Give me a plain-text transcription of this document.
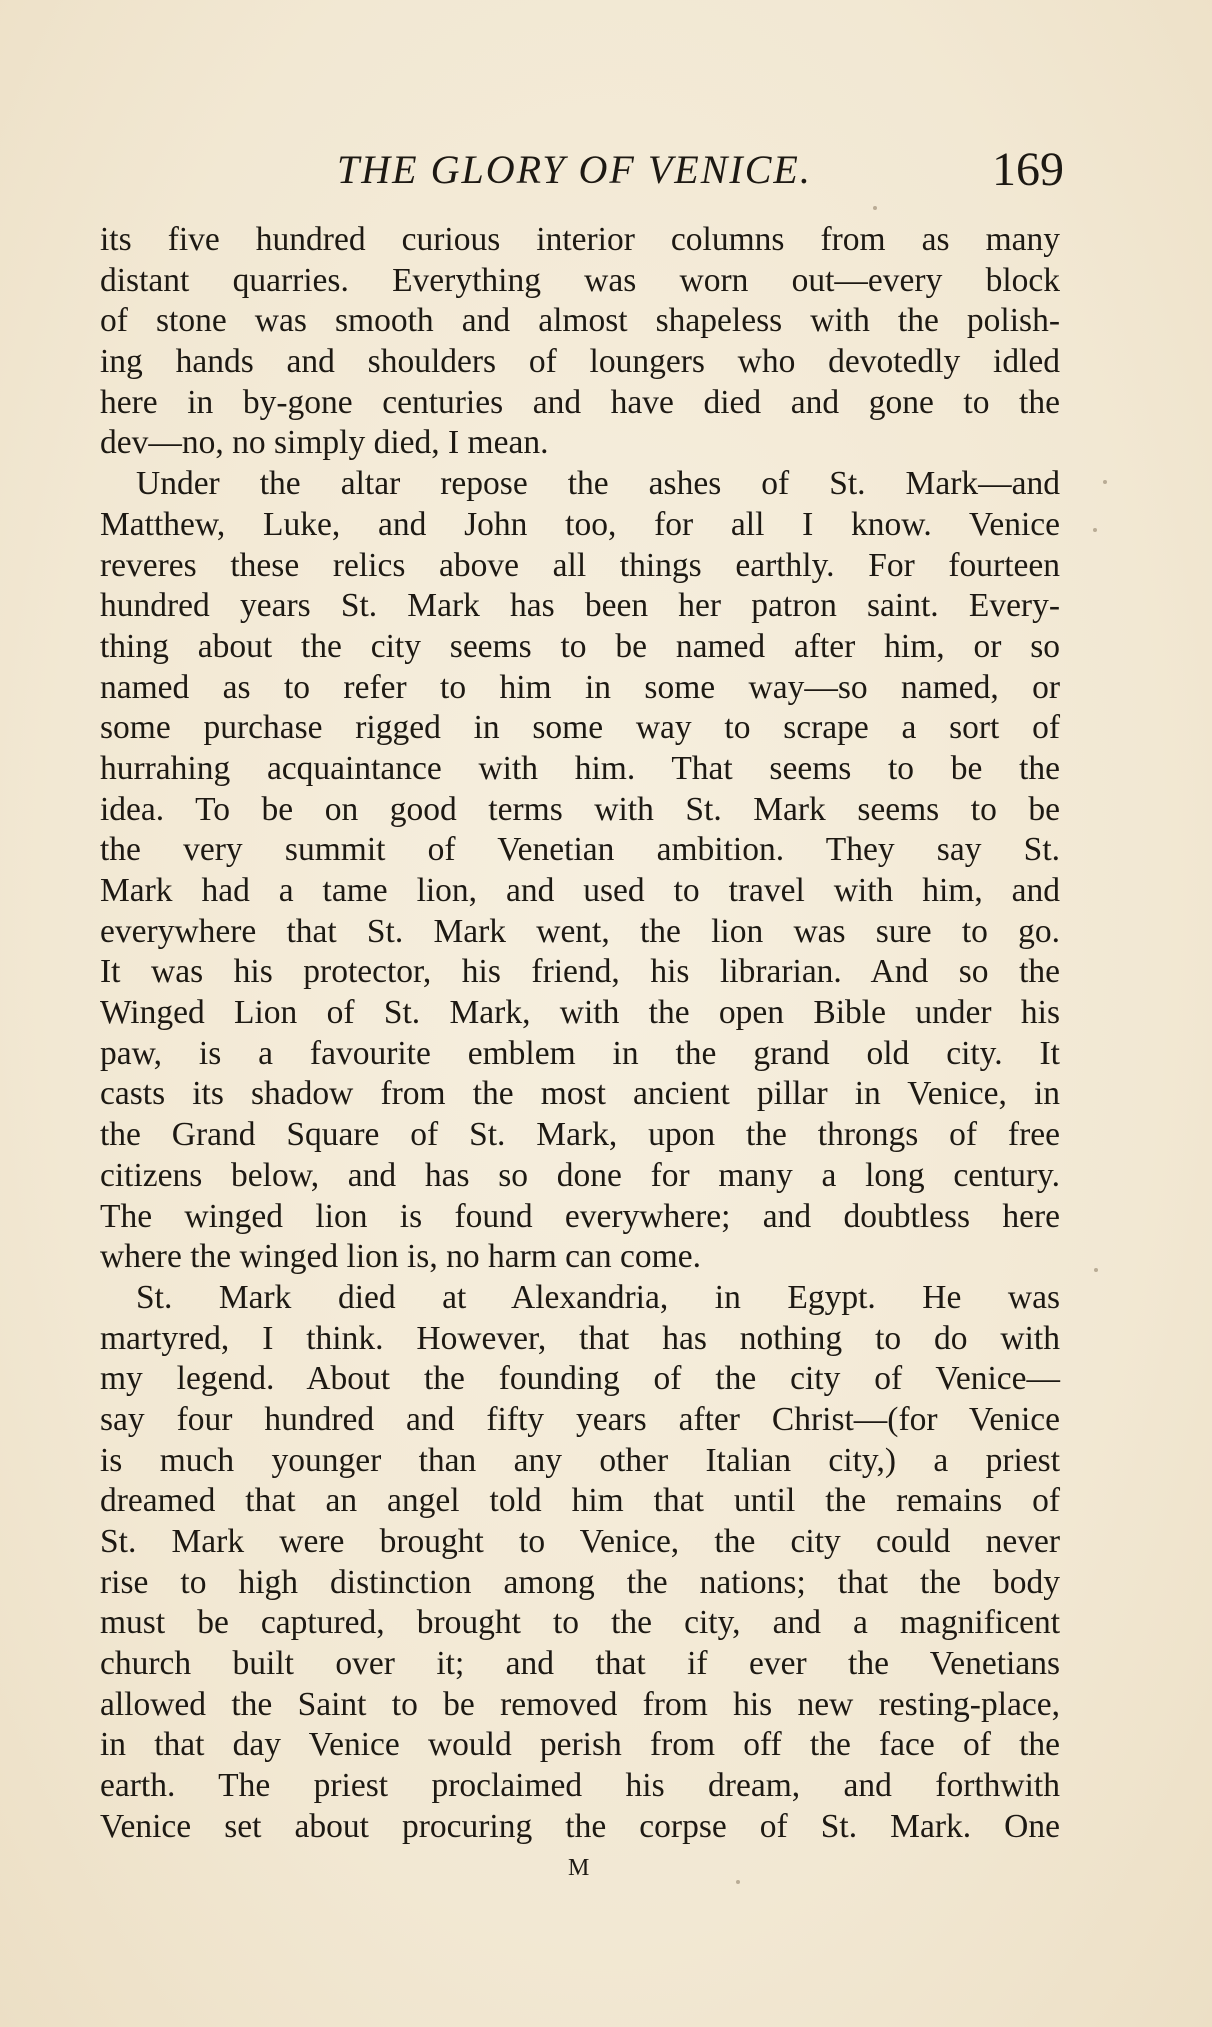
THE GLORY OF VENICE.	169
its five hundred curious interior columns from as many
distant quarries. Everything was worn out—every block
of stone was smooth and almost shapeless with the polish-
ing hands and shoulders of loungers who devotedly idled
here in by-gone centuries and have died and gone to the
dev—no, no simply died, I mean.
Under the altar repose the ashes of St. Mark—and
Matthew, Luke, and John too, for all I know. Venice
reveres these relics above all things earthly. For fourteen
hundred years St. Mark has been her patron saint. Every-
thing about the city seems to be named after him, or so
named as to refer to him in some way—so named, or
some purchase rigged in some way to scrape a sort of
hurrahing acquaintance with him. That seems to be the
idea. To be on good terms with St. Mark seems to be
the very summit of Venetian ambition. They say St.
Mark had a tame lion, and used to travel with him, and
everywhere that St. Mark went, the lion was sure to go.
It was his protector, his friend, his librarian. And so the
Winged Lion of St. Mark, with the open Bible under his
paw, is a favourite emblem in the grand old city. It
casts its shadow from the most ancient pillar in Venice, in
the Grand Square of St. Mark, upon the throngs of free
citizens below, and has so done for many a long century.
The winged lion is found everywhere; and doubtless here
where the winged lion is, no harm can come.
St. Mark died at Alexandria, in Egypt. He was
martyred, I think. However, that has nothing to do with
my legend. About the founding of the city of Venice—
say four hundred and fifty years after Christ—(for Venice
is much younger than any other Italian city,) a priest
dreamed that an angel told him that until the remains of
St. Mark were brought to Venice, the city could never
rise to high distinction among the nations; that the body
must be captured, brought to the city, and a magnificent
church built over it; and that if ever the Venetians
allowed the Saint to be removed from his new resting-place,
in that day Venice would perish from off the face of the
earth. The priest proclaimed his dream, and forthwith
Venice set about procuring the corpse of St. Mark. One
M
